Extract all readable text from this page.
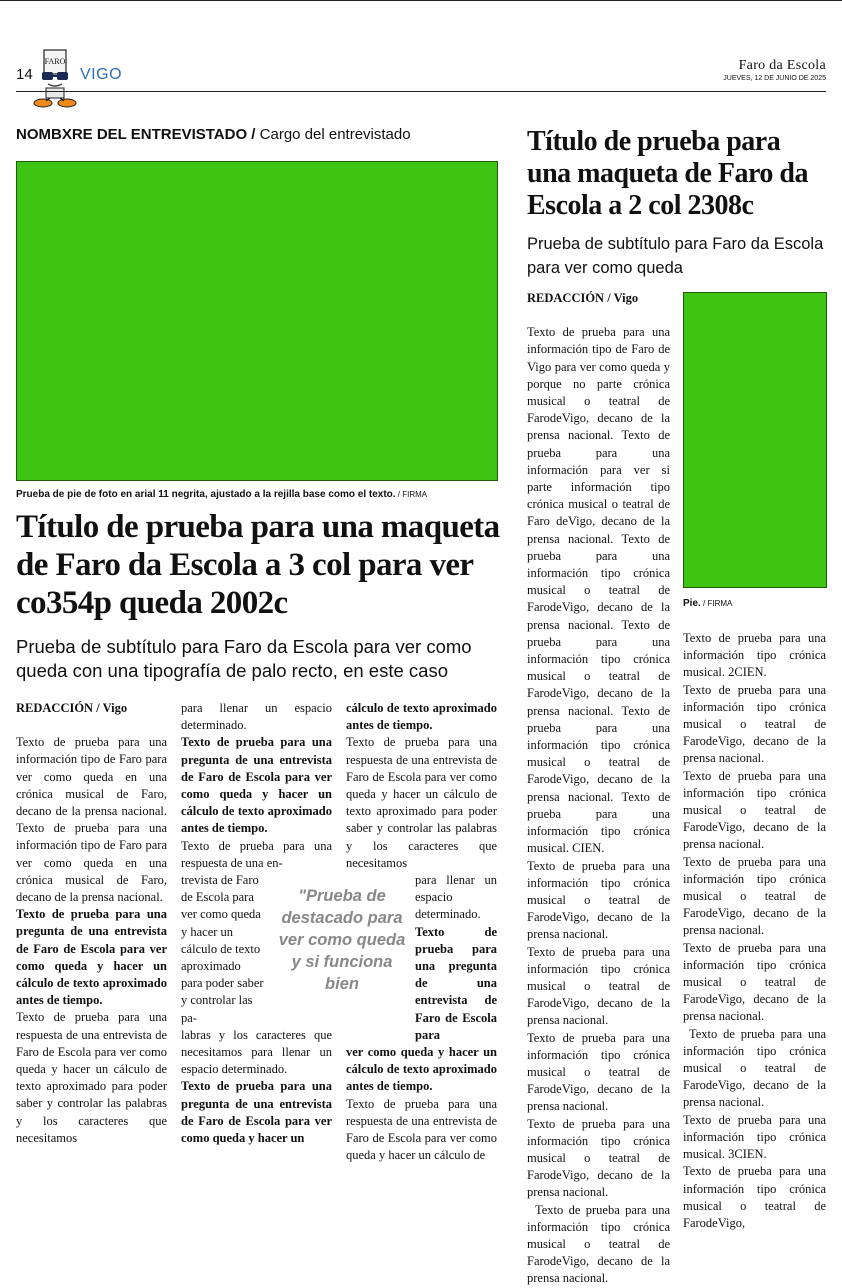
FARO
14	VIGO
Faro da Escola
JUEVES, 12 DE JUNIO DE 2025
NOMBXRE DEL ENTREVISTADO / Cargo del entrevistado
Prueba de pie de foto en arial 11 negrita, ajustado a la rejilla base como el texto. / FIRMA
Título de prueba para una maqueta de Faro da Escola a 3 col para ver co354p queda 2002c
Prueba de subtítulo para Faro da Escola para ver como queda con una tipografía de palo recto, en este caso

REDACCIÓN / Vigo

Texto de prueba para una información tipo de Faro para ver como queda en una crónica musical de Faro, decano de la prensa nacional. Texto de prueba para una información tipo de Faro para ver como queda en una crónica musical de Faro, decano de la prensa nacional.

Texto de prueba para una pregunta de una entrevista de Faro de Escola para ver como queda y hacer un cálculo de texto aproximado antes de tiempo.

Texto de prueba para una respuesta de una entrevista de Faro de Escola para ver como queda y hacer un cálculo de texto aproximado para poder saber y controlar las palabras y los caracteres que necesitamos

para llenar un espacio determinado.

Texto de prueba para una pregunta de una entrevista de Faro de Escola para ver como queda y hacer un cálculo de texto aproximado antes de tiempo.

Texto de prueba para una respuesta de una en-

trevista de Faro de Escola para ver como queda y hacer un cálculo de texto aproximado para poder saber y controlar las pa-

labras y los caracteres que necesitamos para llenar un espacio determinado.

Texto de prueba para una pregunta de una entrevista de Faro de Escola para ver como queda y hacer un

cálculo de texto aproximado antes de tiempo.

Texto de prueba para una respuesta de una entrevista de Faro de Escola para ver como queda y hacer un cálculo de texto aproximado para poder saber y controlar las palabras y los caracteres que necesitamos

para llenar un espacio determinado.

Texto de prueba para una pregunta de una entrevista de Faro de Escola para

ver como queda y hacer un cálculo de texto aproximado antes de tiempo.

Texto de prueba para una respuesta de una entrevista de Faro de Escola para ver como queda y hacer un cálculo de

"Prueba de destacado para ver como queda y si funciona bien
Título de prueba para una maqueta de Faro da Escola a 2 col 2308c
Prueba de subtítulo para Faro da Escola para ver como queda

REDACCIÓN / Vigo

Texto de prueba para una información tipo de Faro de Vigo para ver como queda y porque no parte crónica musical o teatral de FarodeVigo, decano de la prensa nacional. Texto de prueba para una información para ver si parte información tipo crónica musical o teatral de Faro deVigo, decano de la prensa nacional. Texto de prueba para una información tipo crónica musical o teatral de FarodeVigo, decano de la prensa nacional. Texto de prueba para una información tipo crónica musical o teatral de FarodeVigo, decano de la prensa nacional. Texto de prueba para una información tipo crónica musical o teatral de FarodeVigo, decano de la prensa nacional. Texto de prueba para una información tipo crónica musical. CIEN.

Texto de prueba para una información tipo crónica musical o teatral de FarodeVigo, decano de la prensa nacional.

Texto de prueba para una información tipo crónica musical o teatral de FarodeVigo, decano de la prensa nacional.

Texto de prueba para una información tipo crónica musical o teatral de FarodeVigo, decano de la prensa nacional.

Texto de prueba para una información tipo crónica musical o teatral de FarodeVigo, decano de la prensa nacional.

Texto de prueba para una información tipo crónica musical o teatral de FarodeVigo, decano de la prensa nacional.

Pie. / FIRMA

Texto de prueba para una información tipo crónica musical. 2CIEN.

Texto de prueba para una información tipo crónica musical o teatral de FarodeVigo, decano de la prensa nacional.

Texto de prueba para una información tipo crónica musical o teatral de FarodeVigo, decano de la prensa nacional.

Texto de prueba para una información tipo crónica musical o teatral de FarodeVigo, decano de la prensa nacional.

Texto de prueba para una información tipo crónica musical o teatral de FarodeVigo, decano de la prensa nacional.

Texto de prueba para una información tipo crónica musical o teatral de FarodeVigo, decano de la prensa nacional.

Texto de prueba para una información tipo crónica musical. 3CIEN.

Texto de prueba para una información tipo crónica musical o teatral de FarodeVigo,
